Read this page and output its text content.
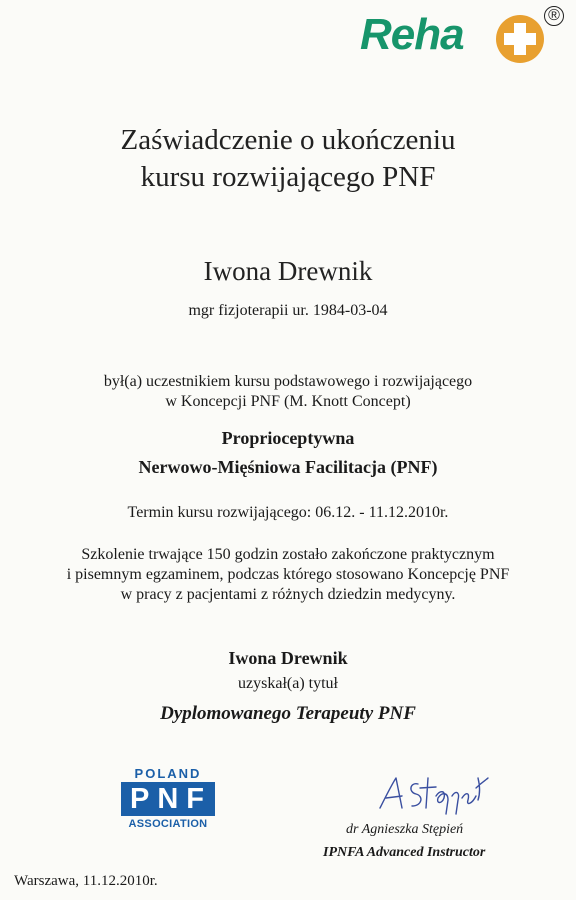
Reha	®
Zaświadczenie o ukończeniu
kursu rozwijającego PNF
Iwona Drewnik
mgr fizjoterapii ur. 1984-03-04
był(a) uczestnikiem kursu podstawowego i rozwijającego
w Koncepcji PNF (M. Knott Concept)
Proprioceptywna
Nerwowo-Mięśniowa Facilitacja (PNF)
Termin kursu rozwijającego: 06.12. - 11.12.2010r.
Szkolenie trwające 150 godzin zostało zakończone praktycznym
i pisemnym egzaminem, podczas którego stosowano Koncepcję PNF
w pracy z pacjentami z różnych dziedzin medycyny.
Iwona Drewnik
uzyskał(a) tytuł
Dyplomowanego Terapeuty PNF
POLAND
PNF
ASSOCIATION	dr Agnieszka Stępień
IPNFA Advanced Instructor
Warszawa, 11.12.2010r.
